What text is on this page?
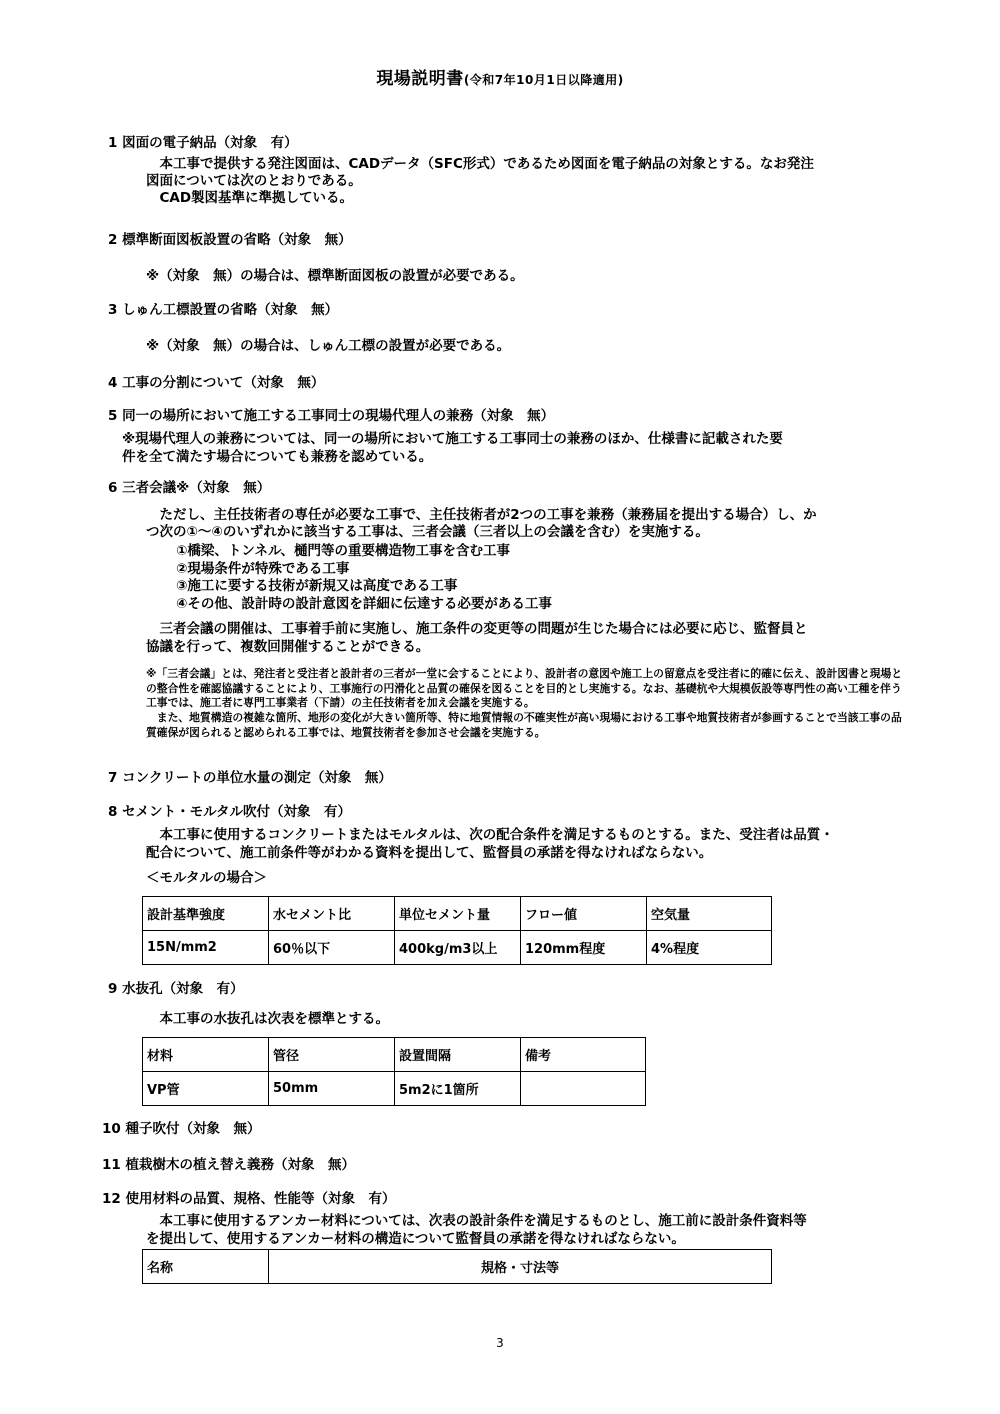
現場説明書(令和7年10月1日以降適用)
1 図面の電子納品（対象　有）
　本工事で提供する発注図面は、CADデータ（SFC形式）であるため図面を電子納品の対象とする。なお発注
図面については次のとおりである。
　CAD製図基準に準拠している。
2 標準断面図板設置の省略（対象　無）
※（対象　無）の場合は、標準断面図板の設置が必要である。
3 しゅん工標設置の省略（対象　無）
※（対象　無）の場合は、しゅん工標の設置が必要である。
4 工事の分割について（対象　無）
5 同一の場所において施工する工事同士の現場代理人の兼務（対象　無）
※現場代理人の兼務については、同一の場所において施工する工事同士の兼務のほか、仕様書に記載された要
件を全て満たす場合についても兼務を認めている。
6 三者会議※（対象　無）
　ただし、主任技術者の専任が必要な工事で、主任技術者が2つの工事を兼務（兼務届を提出する場合）し、か
つ次の①～④のいずれかに該当する工事は、三者会議（三者以上の会議を含む）を実施する。
①橋梁、トンネル、樋門等の重要構造物工事を含む工事
②現場条件が特殊である工事
③施工に要する技術が新規又は高度である工事
④その他、設計時の設計意図を詳細に伝達する必要がある工事
　三者会議の開催は、工事着手前に実施し、施工条件の変更等の問題が生じた場合には必要に応じ、監督員と
協議を行って、複数回開催することができる。
※「三者会議」とは、発注者と受注者と設計者の三者が一堂に会することにより、設計者の意図や施工上の留意点を受注者に的確に伝え、設計図書と現場との整合性を確認協議することにより、工事施行の円滑化と品質の確保を図ることを目的とし実施する。なお、基礎杭や大規模仮設等専門性の高い工種を伴う工事では、施工者に専門工事業者（下請）の主任技術者を加え会議を実施する。
　また、地質構造の複雑な箇所、地形の変化が大きい箇所等、特に地質情報の不確実性が高い現場における工事や地質技術者が参画することで当該工事の品質確保が図られると認められる工事では、地質技術者を参加させ会議を実施する。
7 コンクリートの単位水量の測定（対象　無）
8 セメント・モルタル吹付（対象　有）
　本工事に使用するコンクリートまたはモルタルは、次の配合条件を満足するものとする。また、受注者は品質・
配合について、施工前条件等がわかる資料を提出して、監督員の承諾を得なければならない。
＜モルタルの場合＞
設計基準強度	水セメント比	単位セメント量	フロー値	空気量
15N/mm2	60％以下	400kg/m3以上	120mm程度	4%程度
9 水抜孔（対象　有）
　本工事の水抜孔は次表を標準とする。
材料	管径	設置間隔	備考
VP管	50mm	5m2に1箇所	
10 種子吹付（対象　無）
11 植栽樹木の植え替え義務（対象　無）
12 使用材料の品質、規格、性能等（対象　有）
　本工事に使用するアンカー材料については、次表の設計条件を満足するものとし、施工前に設計条件資料等
を提出して、使用するアンカー材料の構造について監督員の承諾を得なければならない。
名称	規格・寸法等
3
